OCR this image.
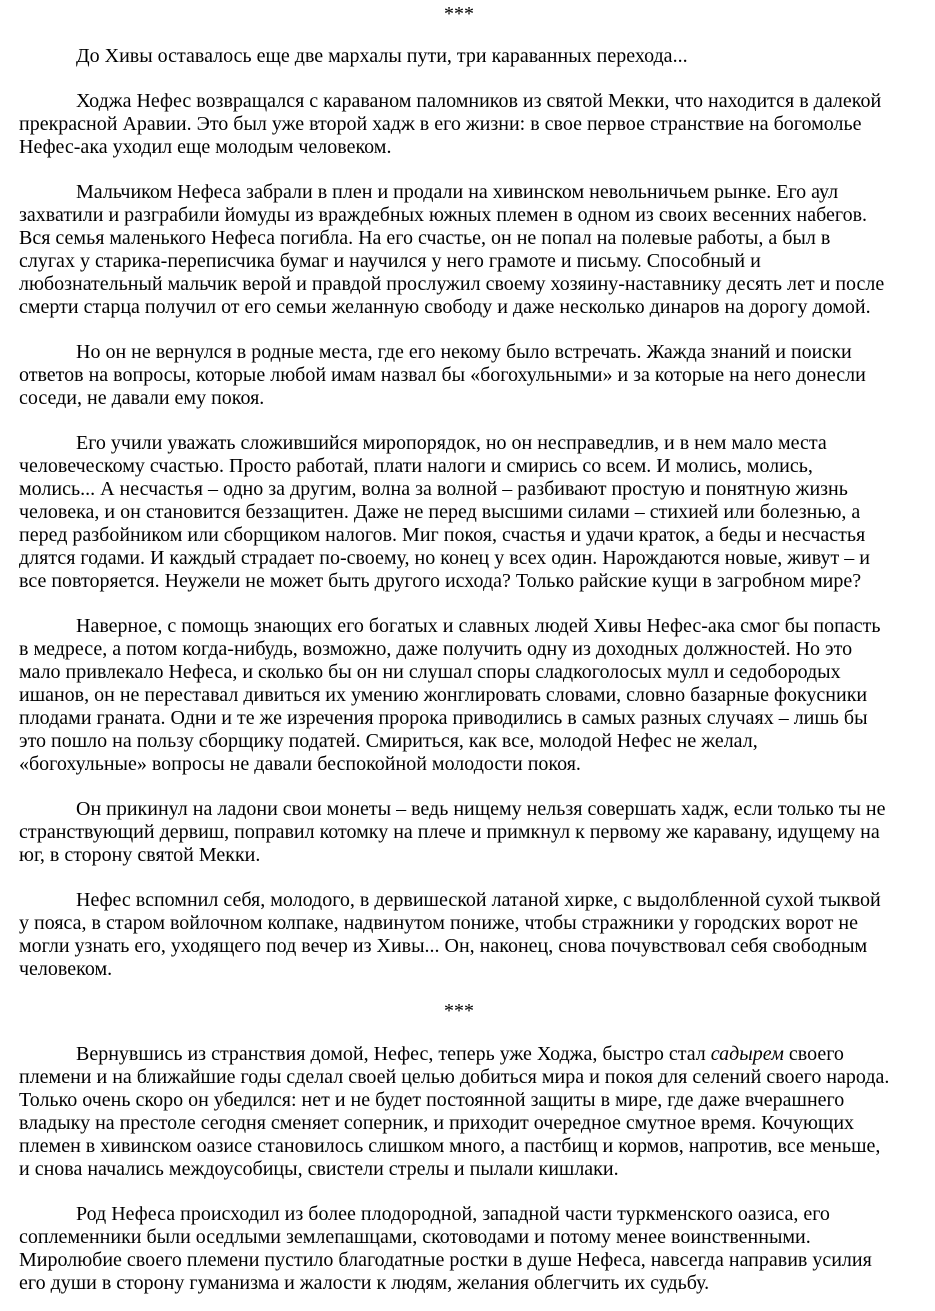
***

До Хивы оставалось еще две мархалы пути, три караванных перехода...

Ходжа Нефес возвращался с караваном паломников из святой Мекки, что находится в далекой
прекрасной Аравии. Это был уже второй хадж в его жизни: в свое первое странствие на богомолье
Нефес-ака уходил еще молодым человеком.

Мальчиком Нефеса забрали в плен и продали на хивинском невольничьем рынке. Его аул
захватили и разграбили йомуды из враждебных южных племен в одном из своих весенних набегов.
Вся семья маленького Нефеса погибла. На его счастье, он не попал на полевые работы, а был в
слугах у старика-переписчика бумаг и научился у него грамоте и письму. Способный и
любознательный мальчик верой и правдой прослужил своему хозяину-наставнику десять лет и после
смерти старца получил от его семьи желанную свободу и даже несколько динаров на дорогу домой.

Но он не вернулся в родные места, где его некому было встречать. Жажда знаний и поиски
ответов на вопросы, которые любой имам назвал бы «богохульными» и за которые на него донесли
соседи, не давали ему покоя.

Его учили уважать сложившийся миропорядок, но он несправедлив, и в нем мало места
человеческому счастью. Просто работай, плати налоги и смирись со всем. И молись, молись,
молись... А несчастья – одно за другим, волна за волной – разбивают простую и понятную жизнь
человека, и он становится беззащитен. Даже не перед высшими силами – стихией или болезнью, а
перед разбойником или сборщиком налогов. Миг покоя, счастья и удачи краток, а беды и несчастья
длятся годами. И каждый страдает по-своему, но конец у всех один. Нарождаются новые, живут – и
все повторяется. Неужели не может быть другого исхода? Только райские кущи в загробном мире?

Наверное, с помощь знающих его богатых и славных людей Хивы Нефес-ака смог бы попасть
в медресе, а потом когда-нибудь, возможно, даже получить одну из доходных должностей. Но это
мало привлекало Нефеса, и сколько бы он ни слушал споры сладкоголосых мулл и седобородых
ишанов, он не переставал дивиться их умению жонглировать словами, словно базарные фокусники
плодами граната. Одни и те же изречения пророка приводились в самых разных случаях – лишь бы
это пошло на пользу сборщику податей. Смириться, как все, молодой Нефес не желал,
«богохульные» вопросы не давали беспокойной молодости покоя.

Он прикинул на ладони свои монеты – ведь нищему нельзя совершать хадж, если только ты не
странствующий дервиш, поправил котомку на плече и примкнул к первому же каравану, идущему на
юг, в сторону святой Мекки.

Нефес вспомнил себя, молодого, в дервишеской латаной хирке, с выдолбленной сухой тыквой
у пояса, в старом войлочном колпаке, надвинутом пониже, чтобы стражники у городских ворот не
могли узнать его, уходящего под вечер из Хивы... Он, наконец, снова почувствовал себя свободным
человеком.

***

Вернувшись из странствия домой, Нефес, теперь уже Ходжа, быстро стал садырем своего
племени и на ближайшие годы сделал своей целью добиться мира и покоя для селений своего народа.
Только очень скоро он убедился: нет и не будет постоянной защиты в мире, где даже вчерашнего
владыку на престоле сегодня сменяет соперник, и приходит очередное смутное время. Кочующих
племен в хивинском оазисе становилось слишком много, а пастбищ и кормов, напротив, все меньше,
и снова начались междоусобицы, свистели стрелы и пылали кишлаки.

Род Нефеса происходил из более плодородной, западной части туркменского оазиса, его
соплеменники были оседлыми землепашцами, скотоводами и потому менее воинственными.
Миролюбие своего племени пустило благодатные ростки в душе Нефеса, навсегда направив усилия
его души в сторону гуманизма и жалости к людям, желания облегчить их судьбу.
